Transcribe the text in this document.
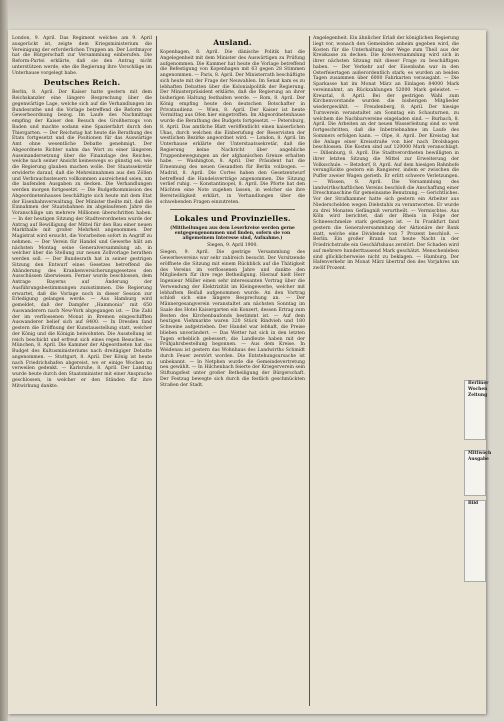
London, 9. April. Das Regiment welches am 9. April ausgerückt ist, zeigte dem Kriegsministerium die Vereinigung der erforderlichen Truppen an. Der Lordmayor hat die Bürgerschaft zur Versammlung einberufen. Die Reform-Partei erklärte, daß sie den Antrag nicht unterstützen werde, ehe die Regierung ihre Vorschläge im Unterhause vorgelegt habe.

Deutsches Reich.

Berlin, 8. April. Der Kaiser hatte gestern mit dem Reichskanzler eine längere Besprechung über die gegenwärtige Lage, welche sich auf die Verhandlungen im Bundesrathe und die Vorlage betreffend die Reform der Gewerbeordnung bezog. Im Laufe des Nachmittags empfing der Kaiser den Besuch des Großherzogs von Baden und machte sodann eine Spazierfahrt durch den Thiergarten. — Der Reichstag hat heute die Berathung des Etats fortgesetzt und die Positionen für das Auswärtige Amt ohne wesentliche Debatte genehmigt. Der Abgeordnete Richter nahm das Wort zu einer längeren Auseinandersetzung über die Finanzlage des Reiches, welche nach seiner Ansicht keineswegs so günstig sei, wie die Regierung glauben machen wolle. Der Staatssekretär erwiderte darauf, daß die Mehreinnahmen aus den Zöllen und Verbrauchssteuern vollkommen ausreichend seien, um die laufenden Ausgaben zu decken. Die Verhandlungen werden morgen fortgesetzt. — Die Budgetkommission des Abgeordnetenhauses beschäftigte sich heute mit dem Etat der Eisenbahnverwaltung. Der Minister theilte mit, daß die Einnahmen der Staatsbahnen im abgelaufenen Jahre die Voranschläge um mehrere Millionen überschritten haben. — In der heutigen Sitzung der Stadtverordneten wurde der Antrag auf Bewilligung der Mittel für den Bau einer neuen Markthalle mit großer Mehrheit angenommen. Der Magistrat wird ersucht, die Vorarbeiten sofort in Angriff zu nehmen. — Der Verein für Handel und Gewerbe hält am nächsten Montag seine Generalversammlung ab, in welcher über die Stellung zur neuen Zollvorlage berathen werden soll. — Der Bundesrath hat in seiner gestrigen Sitzung den Entwurf eines Gesetzes betreffend die Abänderung des Krankenversicherungsgesetzes den Ausschüssen überwiesen. Ferner wurde beschlossen, dem Antrage Bayerns auf Änderung der Ausführungsbestimmungen zuzustimmen. Die Regierung erwartet, daß die Vorlage noch in dieser Session zur Erledigung gelangen werde. — Aus Hamburg wird gemeldet, daß der Dampfer „Hammonia“ mit 650 Auswanderern nach New-York abgegangen ist. — Die Zahl der im verflossenen Monat in Bremen eingeschifften Auswanderer belief sich auf 8400. — In Dresden fand gestern die Eröffnung der Kunstausstellung statt, welcher der König und die Königin beiwohnten. Die Ausstellung ist reich beschickt und erfreut sich eines regen Besuches. — München, 8. April. Die Kammer der Abgeordneten hat das Budget des Kultusministeriums nach dreitägiger Debatte angenommen. — Stuttgart, 8. April. Der König ist heute nach Friedrichshafen abgereist, wo er einige Wochen zu verweilen gedenkt. — Karlsruhe, 8. April. Der Landtag wurde heute durch den Staatsminister mit einer Ansprache geschlossen, in welcher er den Ständen für ihre Mitwirkung dankte.

Ausland.

Kopenhagen, 8. April. Die dänische Politik hat die Angelegenheit mit dem Minister des Auswärtigen zu Prüfung aufgenommen. Die Kammer hat heute die Vorlage betreffend die Befestigung von Kopenhagen mit 63 gegen 28 Stimmen angenommen. — Paris, 8. April. Der Ministerrath beschäftigte sich heute mit der Frage der Neuwahlen. Im Senat kam es zu lebhaften Debatten über die Kolonialpolitik der Regierung. Der Ministerpräsident erklärte, daß die Regierung an ihrer bisherigen Haltung festhalten werde. — Rom, 8. April. Der König empfing heute den deutschen Botschafter in Privataudienz. — Wien, 8. April. Der Kaiser ist heute Vormittag aus Ofen hier eingetroffen. Im Abgeordnetenhause wurde die Berathung des Budgets fortgesetzt. — Petersburg, 8. April. Das amtliche Blatt veröffentlicht einen kaiserlichen Ukas, durch welchen die Einberufung der Reservisten der westlichen Bezirke angeordnet wird. — London, 8. April. Im Unterhause erklärte der Unterstaatssekretär, daß die Regierung keine Nachricht über angebliche Truppenbewegungen an der afghanischen Grenze erhalten habe. — Washington, 8. April. Der Präsident hat die Ernennung des neuen Gesandten für Berlin vollzogen. — Madrid, 8. April. Die Cortes haben den Gesetzentwurf betreffend die Handelsverträge angenommen. Die Sitzung verlief ruhig. — Konstantinopel, 8. April. Die Pforte hat den Mächten eine Note zugehen lassen, in welcher sie ihre Bereitwilligkeit erklärt, in Verhandlungen über die schwebenden Fragen einzutreten.

Lokales und Provinzielles.
(Mittheilungen aus dem Leserkreise werden gerne entgegengenommen und finden, sofern sie von allgemeinem Interesse sind, Aufnahme.)
Siegen, 9. April 1900.

Siegen, 9. April. Die gestrige Versammlung des Gewerbevereins war sehr zahlreich besucht. Der Vorsitzende eröffnete die Sitzung mit einem Rückblick auf die Thätigkeit des Vereins im verflossenen Jahre und dankte den Mitgliedern für ihre rege Betheiligung. Hierauf hielt Herr Ingenieur Müller einen sehr interessanten Vortrag über die Verwendung der Elektrizität im Kleingewerbe, welcher mit lebhaftem Beifall aufgenommen wurde. An den Vortrag schloß sich eine längere Besprechung an. — Der Männergesangverein veranstaltet am nächsten Sonntag im Saale des Hotel Kaisergarten ein Konzert, dessen Ertrag zum Besten des Kirchenbaufonds bestimmt ist. — Auf dem heutigen Viehmarkte waren 320 Stück Rindvieh und 180 Schweine aufgetrieben. Der Handel war lebhaft, die Preise blieben unverändert. — Das Wetter hat sich in den letzten Tagen erheblich gebessert; die Landleute haben mit der Frühjahrsbestellung begonnen. — Aus dem Kreise. In Weidenau ist gestern das Wohnhaus des Landwirths Schmidt durch Feuer zerstört worden. Die Entstehungsursache ist unbekannt. — In Netphen wurde die Gemeindevertretung neu gewählt. — In Hilchenbach feierte der Kriegerverein sein Stiftungsfest unter großer Betheiligung der Bürgerschaft. Der Festzug bewegte sich durch die festlich geschmückten Straßen der Stadt.

Angelegenheit. Ein ähnlicher Erlaß der königlichen Regierung liegt vor, wonach den Gemeinden anheim gegeben wird, die Kosten für die Unterhaltung der Wege zum Theil aus der Kreiskasse zu decken. Die Kreisversammlung wird sich in ihrer nächsten Sitzung mit dieser Frage zu beschäftigen haben. — Der Verkehr auf der Eisenbahn war in den Osterfeiertagen außerordentlich stark; es wurden an beiden Tagen zusammen über 6000 Fahrkarten verausgabt. — Die Sparkasse hat im Monat März an Einlagen 84000 Mark vereinnahmt, an Rückzahlungen 52000 Mark geleistet. — Kreuztal, 8. April. Bei der gestrigen Wahl zum Kirchenvorstande wurden die bisherigen Mitglieder wiedergewählt. — Freudenberg, 8. April. Der hiesige Turnverein veranstaltet am Sonntag ein Schauturnen, zu welchem die Nachbarvereine eingeladen sind. — Burbach, 8. April. Die Arbeiten an der neuen Wasserleitung sind so weit fortgeschritten, daß die Inbetriebnahme im Laufe des Sommers erfolgen kann. — Olpe, 8. April. Der Kreistag hat die Anlage einer Kreisstraße von hier nach Drolshagen beschlossen. Die Kosten sind auf 120000 Mark veranschlagt. — Dillenburg, 8. April. Die Stadtverordneten bewilligten in ihrer letzten Sitzung die Mittel zur Erweiterung der Volksschule. — Betzdorf, 8. April. Auf dem hiesigen Bahnhofe verunglückte gestern ein Rangierer, indem er zwischen die Puffer zweier Wagen gerieth. Er erlitt schwere Verletzungen. — Wissen, 8. April. Die Versammlung des landwirthschaftlichen Vereins beschloß die Anschaffung einer Dreschmaschine für gemeinsame Benutzung. — Gerichtliches. Vor der Strafkammer hatte sich gestern ein Arbeiter aus Niederschelden wegen Diebstahls zu verantworten. Er wurde zu drei Monaten Gefängniß verurtheilt. — Vermischtes. Aus Köln wird berichtet, daß der Rhein in Folge der Schneeschmelze stark gestiegen ist. — In Frankfurt fand gestern die Generalversammlung der Aktionäre der Bank statt, welche eine Dividende von 7 Prozent beschloß. — Berlin. Ein großer Brand hat heute Nacht in der Friedrichstraße ein Geschäftshaus zerstört. Der Schaden wird auf mehrere hunderttausend Mark geschätzt. Menschenleben sind glücklicherweise nicht zu beklagen. — Hamburg. Der Hafenverkehr im Monat März übertraf den des Vorjahres um zwölf Prozent.

Berliner
Wochen
Zeitung
Mittwoch
Ausgabe
Bild
